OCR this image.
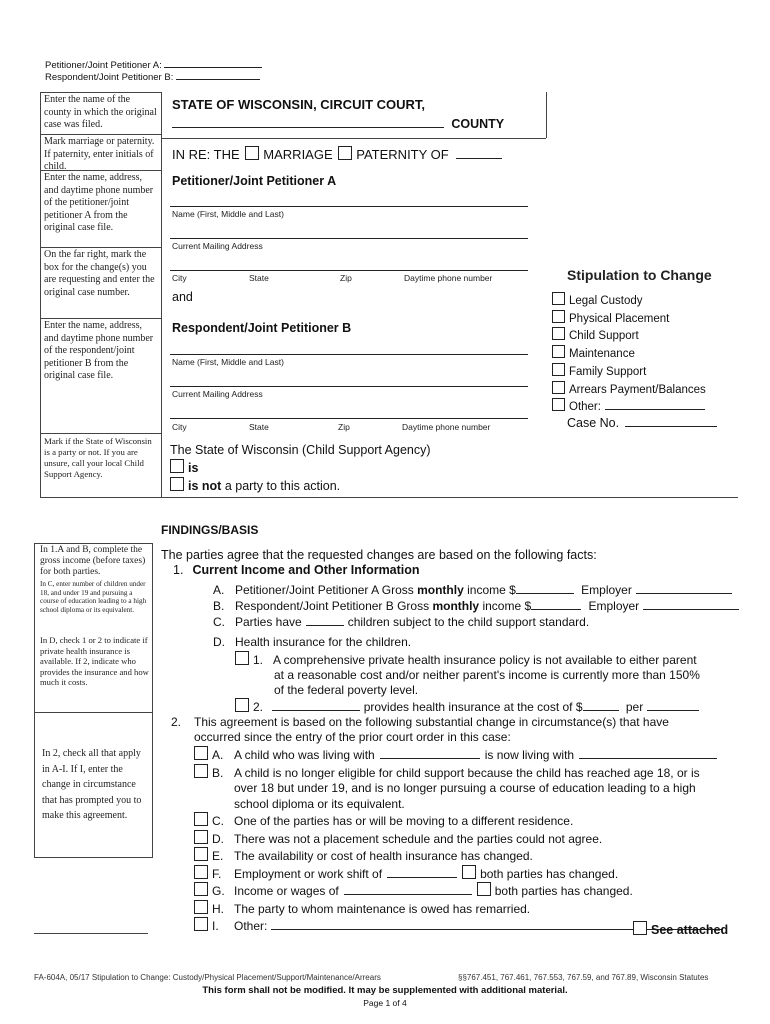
Petitioner/Joint Petitioner A:
Respondent/Joint Petitioner B:
Enter the name of the county in which the original case was filed.
Mark marriage or paternity. If paternity, enter initials of child.
Enter the name, address, and daytime phone number of the petitioner/joint petitioner A from the original case file.
On the far right, mark the box for the change(s) you are requesting and enter the original case number.
Enter the name, address, and daytime phone number of the respondent/joint petitioner B from the original case file.
Mark if the State of Wisconsin is a party or not. If you are unsure, call your local Child Support Agency.
STATE OF WISCONSIN, CIRCUIT COURT,
COUNTY
IN RE: THE MARRIAGE PATERNITY OF
Petitioner/Joint Petitioner A
Name (First, Middle and Last)
Current Mailing Address
City	State	Zip	Daytime phone number
and
Respondent/Joint Petitioner B
Name (First, Middle and Last)
Current Mailing Address
City	State	Zip	Daytime phone number
The State of Wisconsin (Child Support Agency)
is
is not a party to this action.
Stipulation to Change
Legal Custody
Physical Placement
Child Support
Maintenance
Family Support
Arrears Payment/Balances
Other:
Case No.
FINDINGS/BASIS
In 1.A and B, complete the gross income (before taxes) for both parties.
In C, enter number of children under 18, and under 19 and pursuing a course of education leading to a high school diploma or its equivalent.
In D, check 1 or 2 to indicate if private health insurance is available. If 2, indicate who provides the insurance and how much it costs.
In 2, check all that apply in A-I. If I, enter the change in circumstance that has prompted you to make this agreement.
The parties agree that the requested changes are based on the following facts:
1. Current Income and Other Information
A. Petitioner/Joint Petitioner A Gross monthly income $	Employer
B. Respondent/Joint Petitioner B Gross monthly income $	Employer
C. Parties have	children subject to the child support standard.
D. Health insurance for the children.
1. A comprehensive private health insurance policy is not available to either parent
at a reasonable cost and/or neither parent's income is currently more than 150%
of the federal poverty level.
2.	provides health insurance at the cost of $	per
2. This agreement is based on the following substantial change in circumstance(s) that have
occurred since the entry of the prior court order in this case:
A. A child who was living with	is now living with
B. A child is no longer eligible for child support because the child has reached age 18, or is
over 18 but under 19, and is no longer pursuing a course of education leading to a high
school diploma or its equivalent.
C. One of the parties has or will be moving to a different residence.
D. There was not a placement schedule and the parties could not agree.
E. The availability or cost of health insurance has changed.
F. Employment or work shift of	both parties has changed.
G. Income or wages of	both parties has changed.
H. The party to whom maintenance is owed has remarried.
I. Other:	See attached
FA-604A, 05/17 Stipulation to Change: Custody/Physical Placement/Support/Maintenance/Arrears	§§767.451, 767.461, 767.553, 767.59, and 767.89, Wisconsin Statutes
This form shall not be modified. It may be supplemented with additional material.
Page 1 of 4
